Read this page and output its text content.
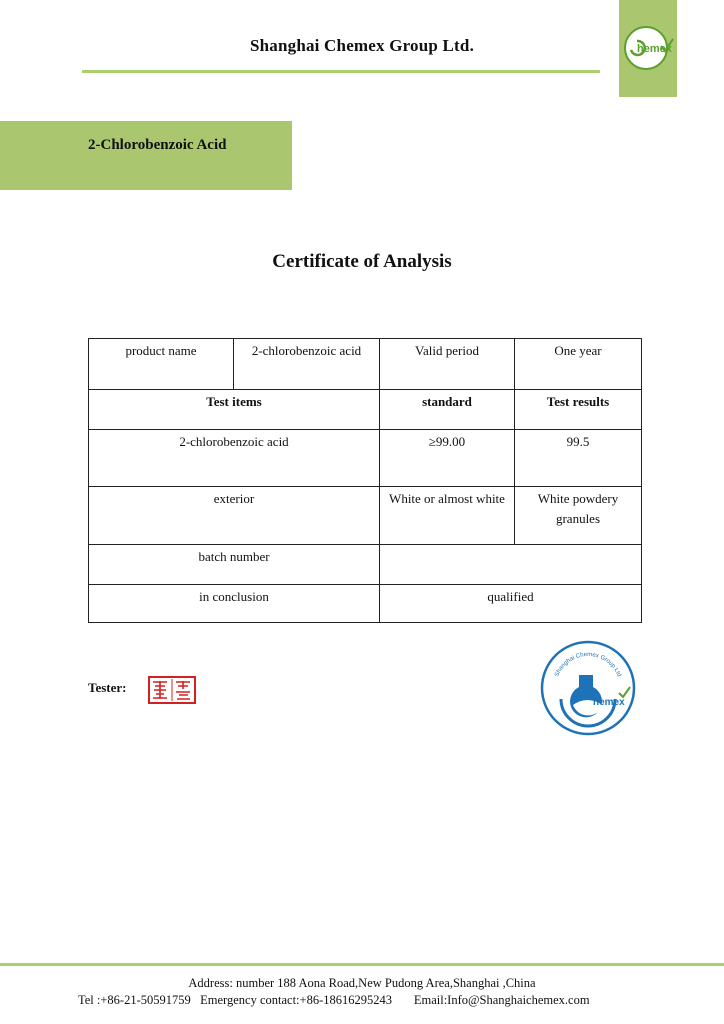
Shanghai Chemex Group Ltd.	hemex
2-Chlorobenzoic Acid
Certificate of Analysis
product name	2-chlorobenzoic acid	Valid period	One year
Test items		standard	Test results
2-chlorobenzoic acid		≥99.00	99.5
exterior		White or almost white	White powdery granules
batch number			
in conclusion		qualified	
Tester:
Shanghai Chemex Group Ltd
hemex
Address: number 188 Aona Road,New Pudong Area,Shanghai ,China
Tel :+86-21-50591759 Emergency contact:+86-18616295243 Email:Info@Shanghaichemex.com
